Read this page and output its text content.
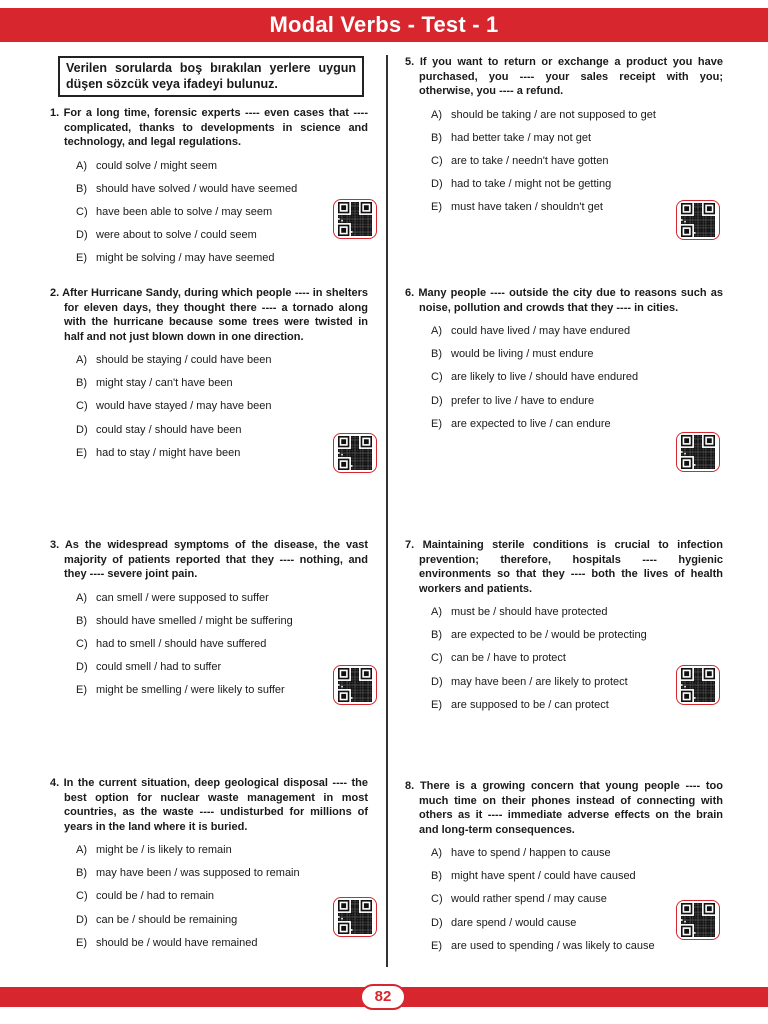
Modal Verbs - Test - 1
Verilen sorularda boş bırakılan yerlere uygun düşen sözcük veya ifadeyi bulunuz.
1. For a long time, forensic experts ---- even cases that ---- complicated, thanks to developments in science and technology, and legal regulations.
A) could solve / might seem
B) should have solved / would have seemed
C) have been able to solve / may seem
D) were about to solve / could seem
E) might be solving / may have seemed
2. After Hurricane Sandy, during which people ---- in shelters for eleven days, they thought there ---- a tornado along with the hurricane because some trees were twisted in half and not just blown down in one direction.
A) should be staying / could have been
B) might stay / can't have been
C) would have stayed / may have been
D) could stay / should have been
E) had to stay / might have been
3. As the widespread symptoms of the disease, the vast majority of patients reported that they ---- nothing, and they ---- severe joint pain.
A) can smell / were supposed to suffer
B) should have smelled / might be suffering
C) had to smell / should have suffered
D) could smell / had to suffer
E) might be smelling / were likely to suffer
4. In the current situation, deep geological disposal ---- the best option for nuclear waste management in most countries, as the waste ---- undisturbed for millions of years in the land where it is buried.
A) might be / is likely to remain
B) may have been / was supposed to remain
C) could be / had to remain
D) can be / should be remaining
E) should be / would have remained
5. If you want to return or exchange a product you have purchased, you ---- your sales receipt with you; otherwise, you ---- a refund.
A) should be taking / are not supposed to get
B) had better take / may not get
C) are to take / needn't have gotten
D) had to take / might not be getting
E) must have taken / shouldn't get
6. Many people ---- outside the city due to reasons such as noise, pollution and crowds that they ---- in cities.
A) could have lived / may have endured
B) would be living / must endure
C) are likely to live / should have endured
D) prefer to live / have to endure
E) are expected to live / can endure
7. Maintaining sterile conditions is crucial to infection prevention; therefore, hospitals ---- hygienic environments so that they ---- both the lives of health workers and patients.
A) must be / should have protected
B) are expected to be / would be protecting
C) can be / have to protect
D) may have been / are likely to protect
E) are supposed to be / can protect
8. There is a growing concern that young people ---- too much time on their phones instead of connecting with others as it ---- immediate adverse effects on the brain and long-term consequences.
A) have to spend / happen to cause
B) might have spent / could have caused
C) would rather spend / may cause
D) dare spend / would cause
E) are used to spending / was likely to cause
82
